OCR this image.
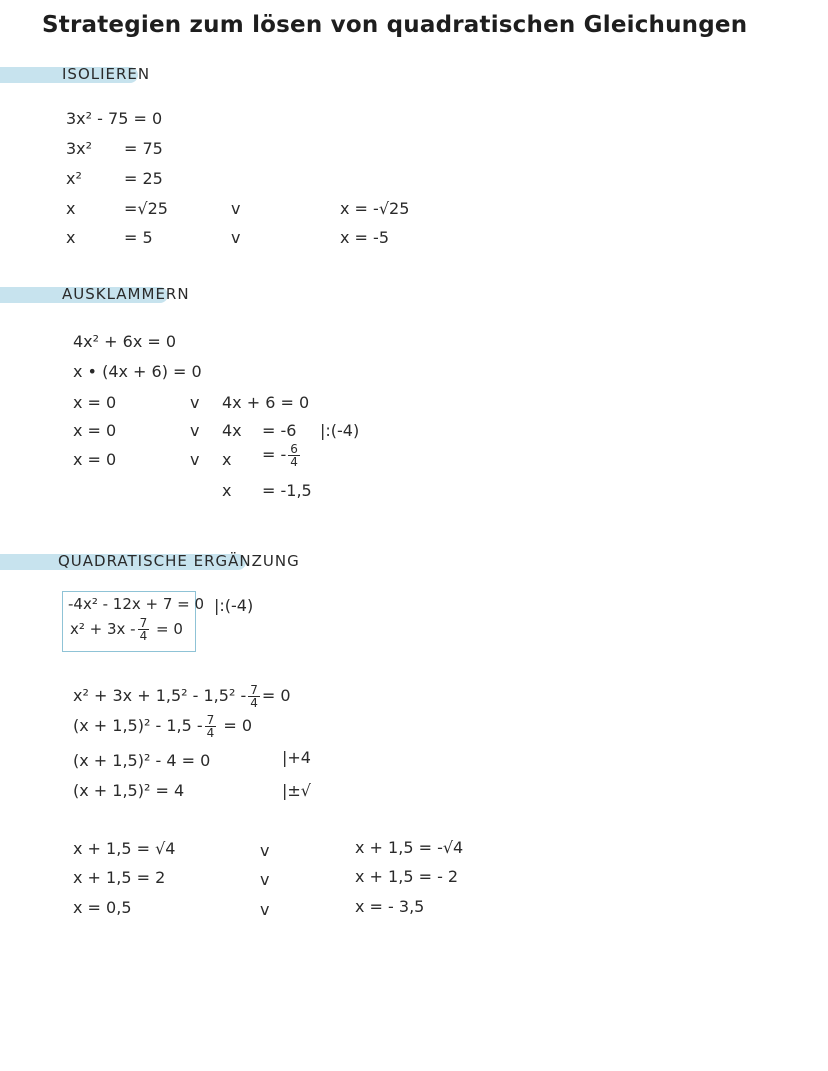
Strategien zum lösen von quadratischen Gleichungen
ISOLIEREN
3x² - 75 = 0
3x² = 75
x²	= 25
x	=√25	v	x = -√25
x	= 5	v	x = -5
AUSKLAMMERN
4x² + 6x = 0
x • (4x + 6) = 0
x = 0	v 4x + 6 = 0
x = 0	v 4x = -6 |:(-4)
x = 0	v x = - $\frac{6}{4}$
x = -1,5
QUADRATISCHE ERGÄNZUNG
-4x² - 12x + 7 = 0 |:(-4)
$x^2 + 3x - \frac{7}{4} = 0$
$x^2 + 3x + 1,5^2 - 1,5^2 - \frac{7}{4} = 0$
$(x + 1,5)^2 - 1,5 - \frac{7}{4} = 0$
(x + 1,5)² - 4 = 0	|+4
(x + 1,5)² = 4	|±√
x + 1,5 = √4	v	x + 1,5 = -√4
x + 1,5 = 2	v	x + 1,5 = - 2
x = 0,5	v	x = - 3,5
